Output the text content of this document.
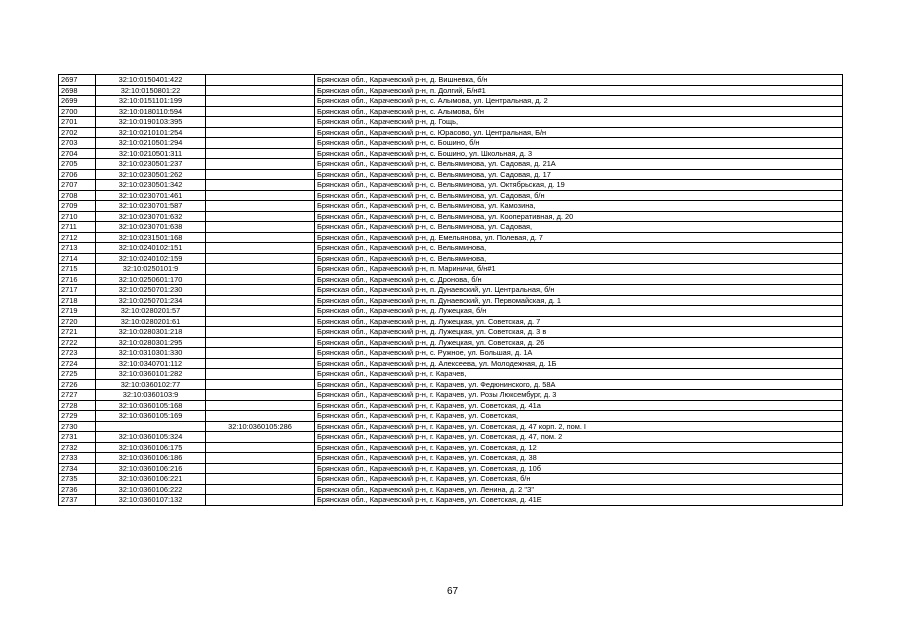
2697	32:10:0150401:422		Брянская обл., Карачевский р-н, д. Вишневка, б/н
2698	32:10:0150801:22		Брянская обл., Карачевский р-н, п. Долгий, Б/н#1
2699	32:10:0151101:199		Брянская обл., Карачевский р-н, с. Алымова, ул. Центральная, д. 2
2700	32:10:0180110:594		Брянская обл., Карачевский р-н, с. Алымова, б/н
2701	32:10:0190103:395		Брянская обл., Карачевский р-н, д. Гощь,
2702	32:10:0210101:254		Брянская обл., Карачевский р-н, с. Юрасово, ул. Центральная, Б/н
2703	32:10:0210501:294		Брянская обл., Карачевский р-н, с. Бошино, б/н
2704	32:10:0210501:311		Брянская обл., Карачевский р-н, с. Бошино, ул. Школьная, д. 3
2705	32:10:0230501:237		Брянская обл., Карачевский р-н, с. Вельяминова, ул. Садовая, д. 21А
2706	32:10:0230501:262		Брянская обл., Карачевский р-н, с. Вельяминова, ул. Садовая, д. 17
2707	32:10:0230501:342		Брянская обл., Карачевский р-н, с. Вельяминова, ул. Октябрьская, д. 19
2708	32:10:0230701:461		Брянская обл., Карачевский р-н, с. Вельяминова, ул. Садовая, б/н
2709	32:10:0230701:587		Брянская обл., Карачевский р-н, с. Вельяминова, ул. Камозина,
2710	32:10:0230701:632		Брянская обл., Карачевский р-н, с. Вельяминова, ул. Кооперативная, д. 20
2711	32:10:0230701:638		Брянская обл., Карачевский р-н, с. Вельяминова, ул. Садовая,
2712	32:10:0231501:168		Брянская обл., Карачевский р-н, д. Емельянова, ул. Полевая, д. 7
2713	32:10:0240102:151		Брянская обл., Карачевский р-н, с. Вельяминова,
2714	32:10:0240102:159		Брянская обл., Карачевский р-н, с. Вельяминова,
2715	32:10:0250101:9		Брянская обл., Карачевский р-н, п. Мариничи, б/н#1
2716	32:10:0250601:170		Брянская обл., Карачевский р-н, с. Дронова, б/н
2717	32:10:0250701:230		Брянская обл., Карачевский р-н, п. Дунаевский, ул. Центральная, б/н
2718	32:10:0250701:234		Брянская обл., Карачевский р-н, п. Дунаевский, ул. Первомайская, д. 1
2719	32:10:0280201:57		Брянская обл., Карачевский р-н, д. Лужецкая, б/н
2720	32:10:0280201:61		Брянская обл., Карачевский р-н, д. Лужецкая, ул. Советская, д. 7
2721	32:10:0280301:218		Брянская обл., Карачевский р-н, д. Лужецкая, ул. Советская, д. 3 в
2722	32:10:0280301:295		Брянская обл., Карачевский р-н, д. Лужецкая, ул. Советская, д. 26
2723	32:10:0310301:330		Брянская обл., Карачевский р-н, с. Ружное, ул. Большая, д. 1А
2724	32:10:0340701:112		Брянская обл., Карачевский р-н, д. Алексеева, ул. Молодежная, д. 1Б
2725	32:10:0360101:282		Брянская обл., Карачевский р-н, г. Карачев,
2726	32:10:0360102:77		Брянская обл., Карачевский р-н, г. Карачев, ул. Федюнинского, д. 58А
2727	32:10:0360103:9		Брянская обл., Карачевский р-н, г. Карачев, ул. Розы Люксембург, д. 3
2728	32:10:0360105:168		Брянская обл., Карачевский р-н, г. Карачев, ул. Советская, д. 41а
2729	32:10:0360105:169		Брянская обл., Карачевский р-н, г. Карачев, ул. Советская,
2730		32:10:0360105:286	Брянская обл., Карачевский р-н, г. Карачев, ул. Советская, д. 47 корп. 2, пом. I
2731	32:10:0360105:324		Брянская обл., Карачевский р-н, г. Карачев, ул. Советская, д. 47, пом. 2
2732	32:10:0360106:175		Брянская обл., Карачевский р-н, г. Карачев, ул. Советская, д. 12
2733	32:10:0360106:186		Брянская обл., Карачевский р-н, г. Карачев, ул. Советская, д. 38
2734	32:10:0360106:216		Брянская обл., Карачевский р-н, г. Карачев, ул. Советская, д. 10б
2735	32:10:0360106:221		Брянская обл., Карачевский р-н, г. Карачев, ул. Советская, б/н
2736	32:10:0360106:222		Брянская обл., Карачевский р-н, г. Карачев, ул. Ленина, д. 2 "З"
2737	32:10:0360107:132		Брянская обл., Карачевский р-н, г. Карачев, ул. Советская, д. 41Е
67
